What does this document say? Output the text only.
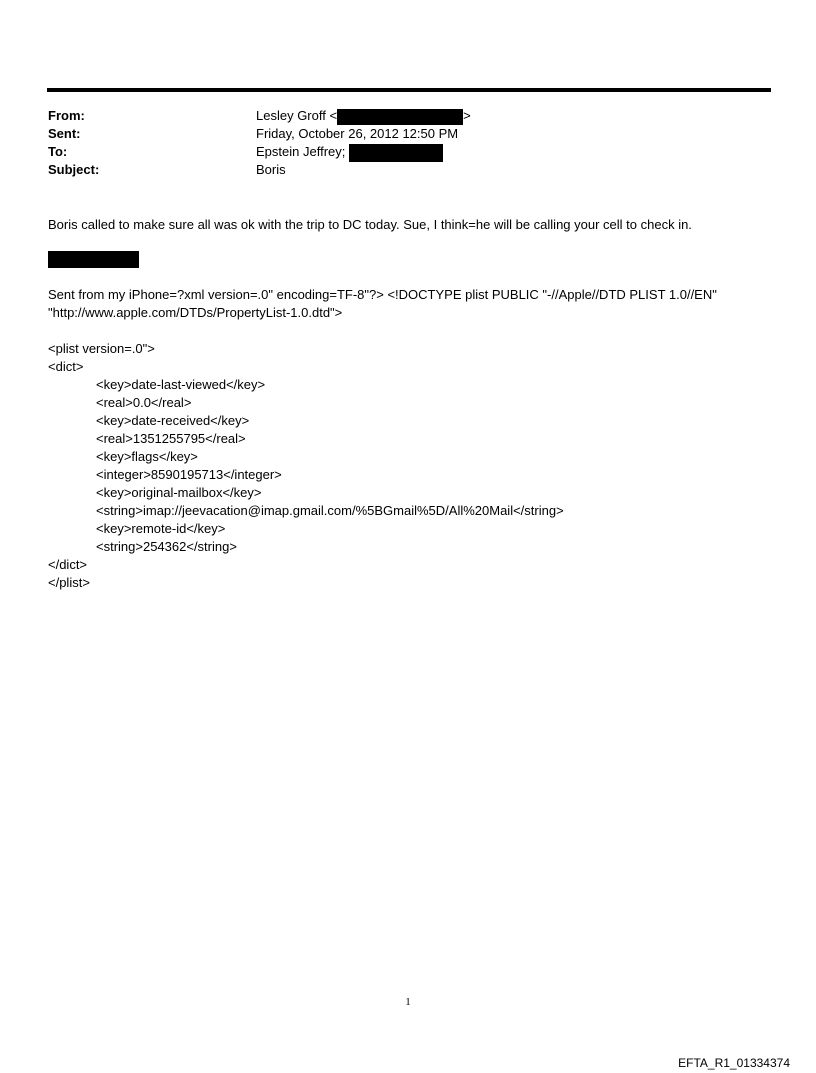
From:	Lesley Groff <	>
Sent:	Friday, October 26, 2012 12:50 PM
To:	Epstein Jeffrey;
Subject:	Boris
Boris called to make sure all was ok with the trip to DC today. Sue, I think=he will be calling your cell to check in.
Sent from my iPhone=?xml version=.0" encoding=TF-8"?> <!DOCTYPE plist PUBLIC "-//Apple//DTD PLIST 1.0//EN"
"http://www.apple.com/DTDs/PropertyList-1.0.dtd">
<plist version=.0">
<dict>
<key>date-last-viewed</key>
<real>0.0</real>
<key>date-received</key>
<real>1351255795</real>
<key>flags</key>
<integer>8590195713</integer>
<key>original-mailbox</key>
<string>imap://jeevacation@imap.gmail.com/%5BGmail%5D/All%20Mail</string>
<key>remote-id</key>
<string>254362</string>
</dict>
</plist>
1
EFTA_R1_01334374
